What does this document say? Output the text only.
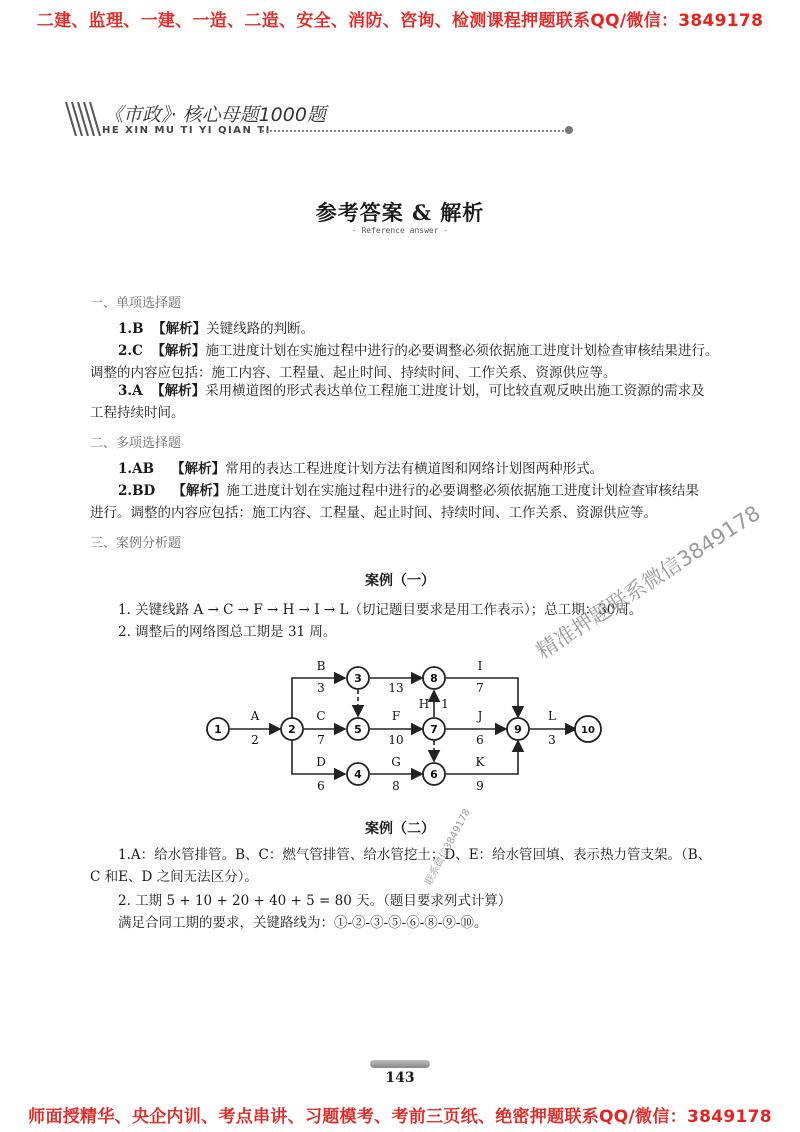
二建、监理、一建、一造、二造、安全、消防、咨询、检测课程押题联系QQ/微信：3849178
《市政》· 核心母题1000题
HE XIN MU TI YI QIAN TI
参考答案 & 解析
- Reference answer -
一、单项选择题
1.B 【解析】关键线路的判断。
2.C 【解析】施工进度计划在实施过程中进行的必要调整必须依据施工进度计划检查审核结果进行。
调整的内容应包括：施工内容、工程量、起止时间、持续时间、工作关系、资源供应等。
3.A 【解析】采用横道图的形式表达单位工程施工进度计划，可比较直观反映出施工资源的需求及
工程持续时间。
二、多项选择题
1.AB 【解析】常用的表达工程进度计划方法有横道图和网络计划图两种形式。
2.BD 【解析】施工进度计划在实施过程中进行的必要调整必须依据施工进度计划检查审核结果
进行。调整的内容应包括：施工内容、工程量、起止时间、持续时间、工作关系、资源供应等。
三、案例分析题
案例（一）
1. 关键线路 A → C → F → H → I → L（切记题目要求是用工作表示）；总工期：30周。
2. 调整后的网络图总工期是 31 周。
1	2
3
4
5
6
7
8
9	10
A
2
B
3
C
7
D
6
13
F
10
G
8
H 1
I
7
J
6
K
9
L
3
精准押题联系微信3849178
案例（二）
1.A：给水管排管。B、C：燃气管排管、给水管挖土；D、E：给水管回填、表示热力管支架。（B、
C 和E、D 之间无法区分）。
2. 工期 5 + 10 + 20 + 40 + 5 = 80 天。（题目要求列式计算）
满足合同工期的要求，关键路线为：①-②-③-⑤-⑥-⑧-⑨-⑩。
联系微信3849178
143
师面授精华、央企内训、考点串讲、习题模考、考前三页纸、绝密押题联系QQ/微信：3849178
